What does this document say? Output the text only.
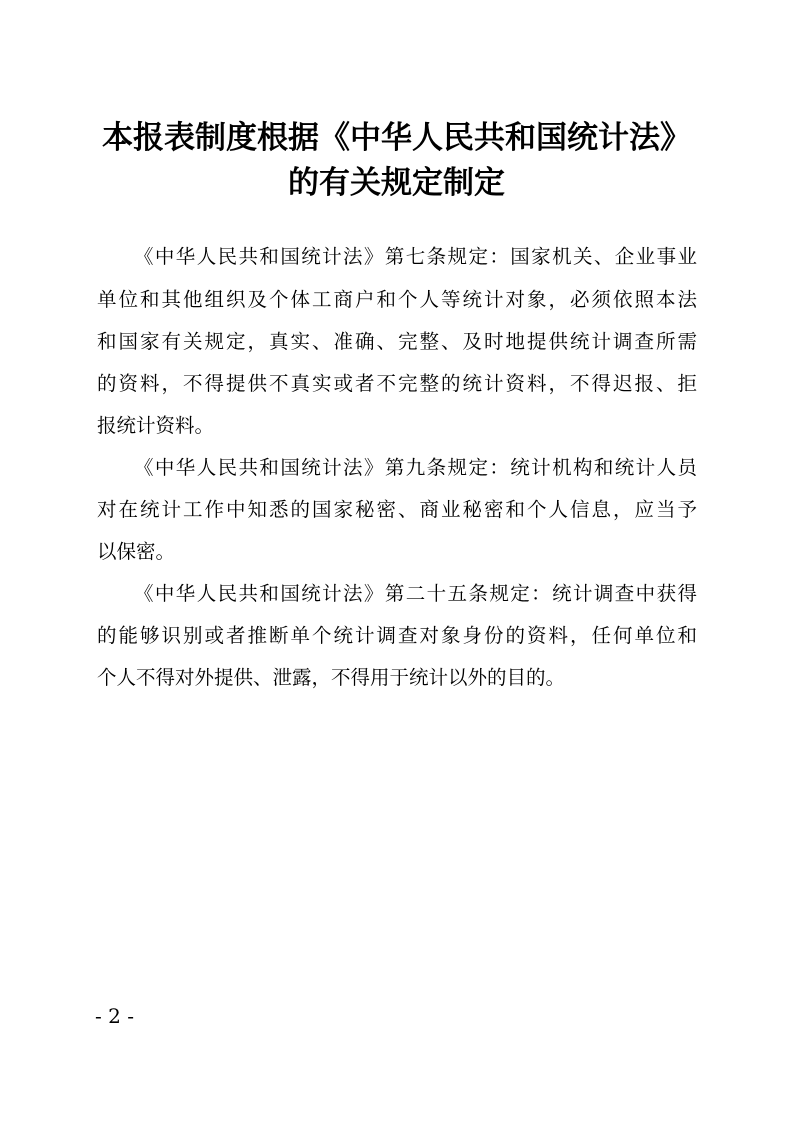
本报表制度根据《中华人民共和国统计法》
的有关规定制定
《中华人民共和国统计法》第七条规定：国家机关、企业事业
单位和其他组织及个体工商户和个人等统计对象，必须依照本法
和国家有关规定，真实、准确、完整、及时地提供统计调查所需
的资料，不得提供不真实或者不完整的统计资料，不得迟报、拒
报统计资料。
《中华人民共和国统计法》第九条规定：统计机构和统计人员
对在统计工作中知悉的国家秘密、商业秘密和个人信息，应当予
以保密。
《中华人民共和国统计法》第二十五条规定：统计调查中获得
的能够识别或者推断单个统计调查对象身份的资料，任何单位和
个人不得对外提供、泄露，不得用于统计以外的目的。
- 2 -
